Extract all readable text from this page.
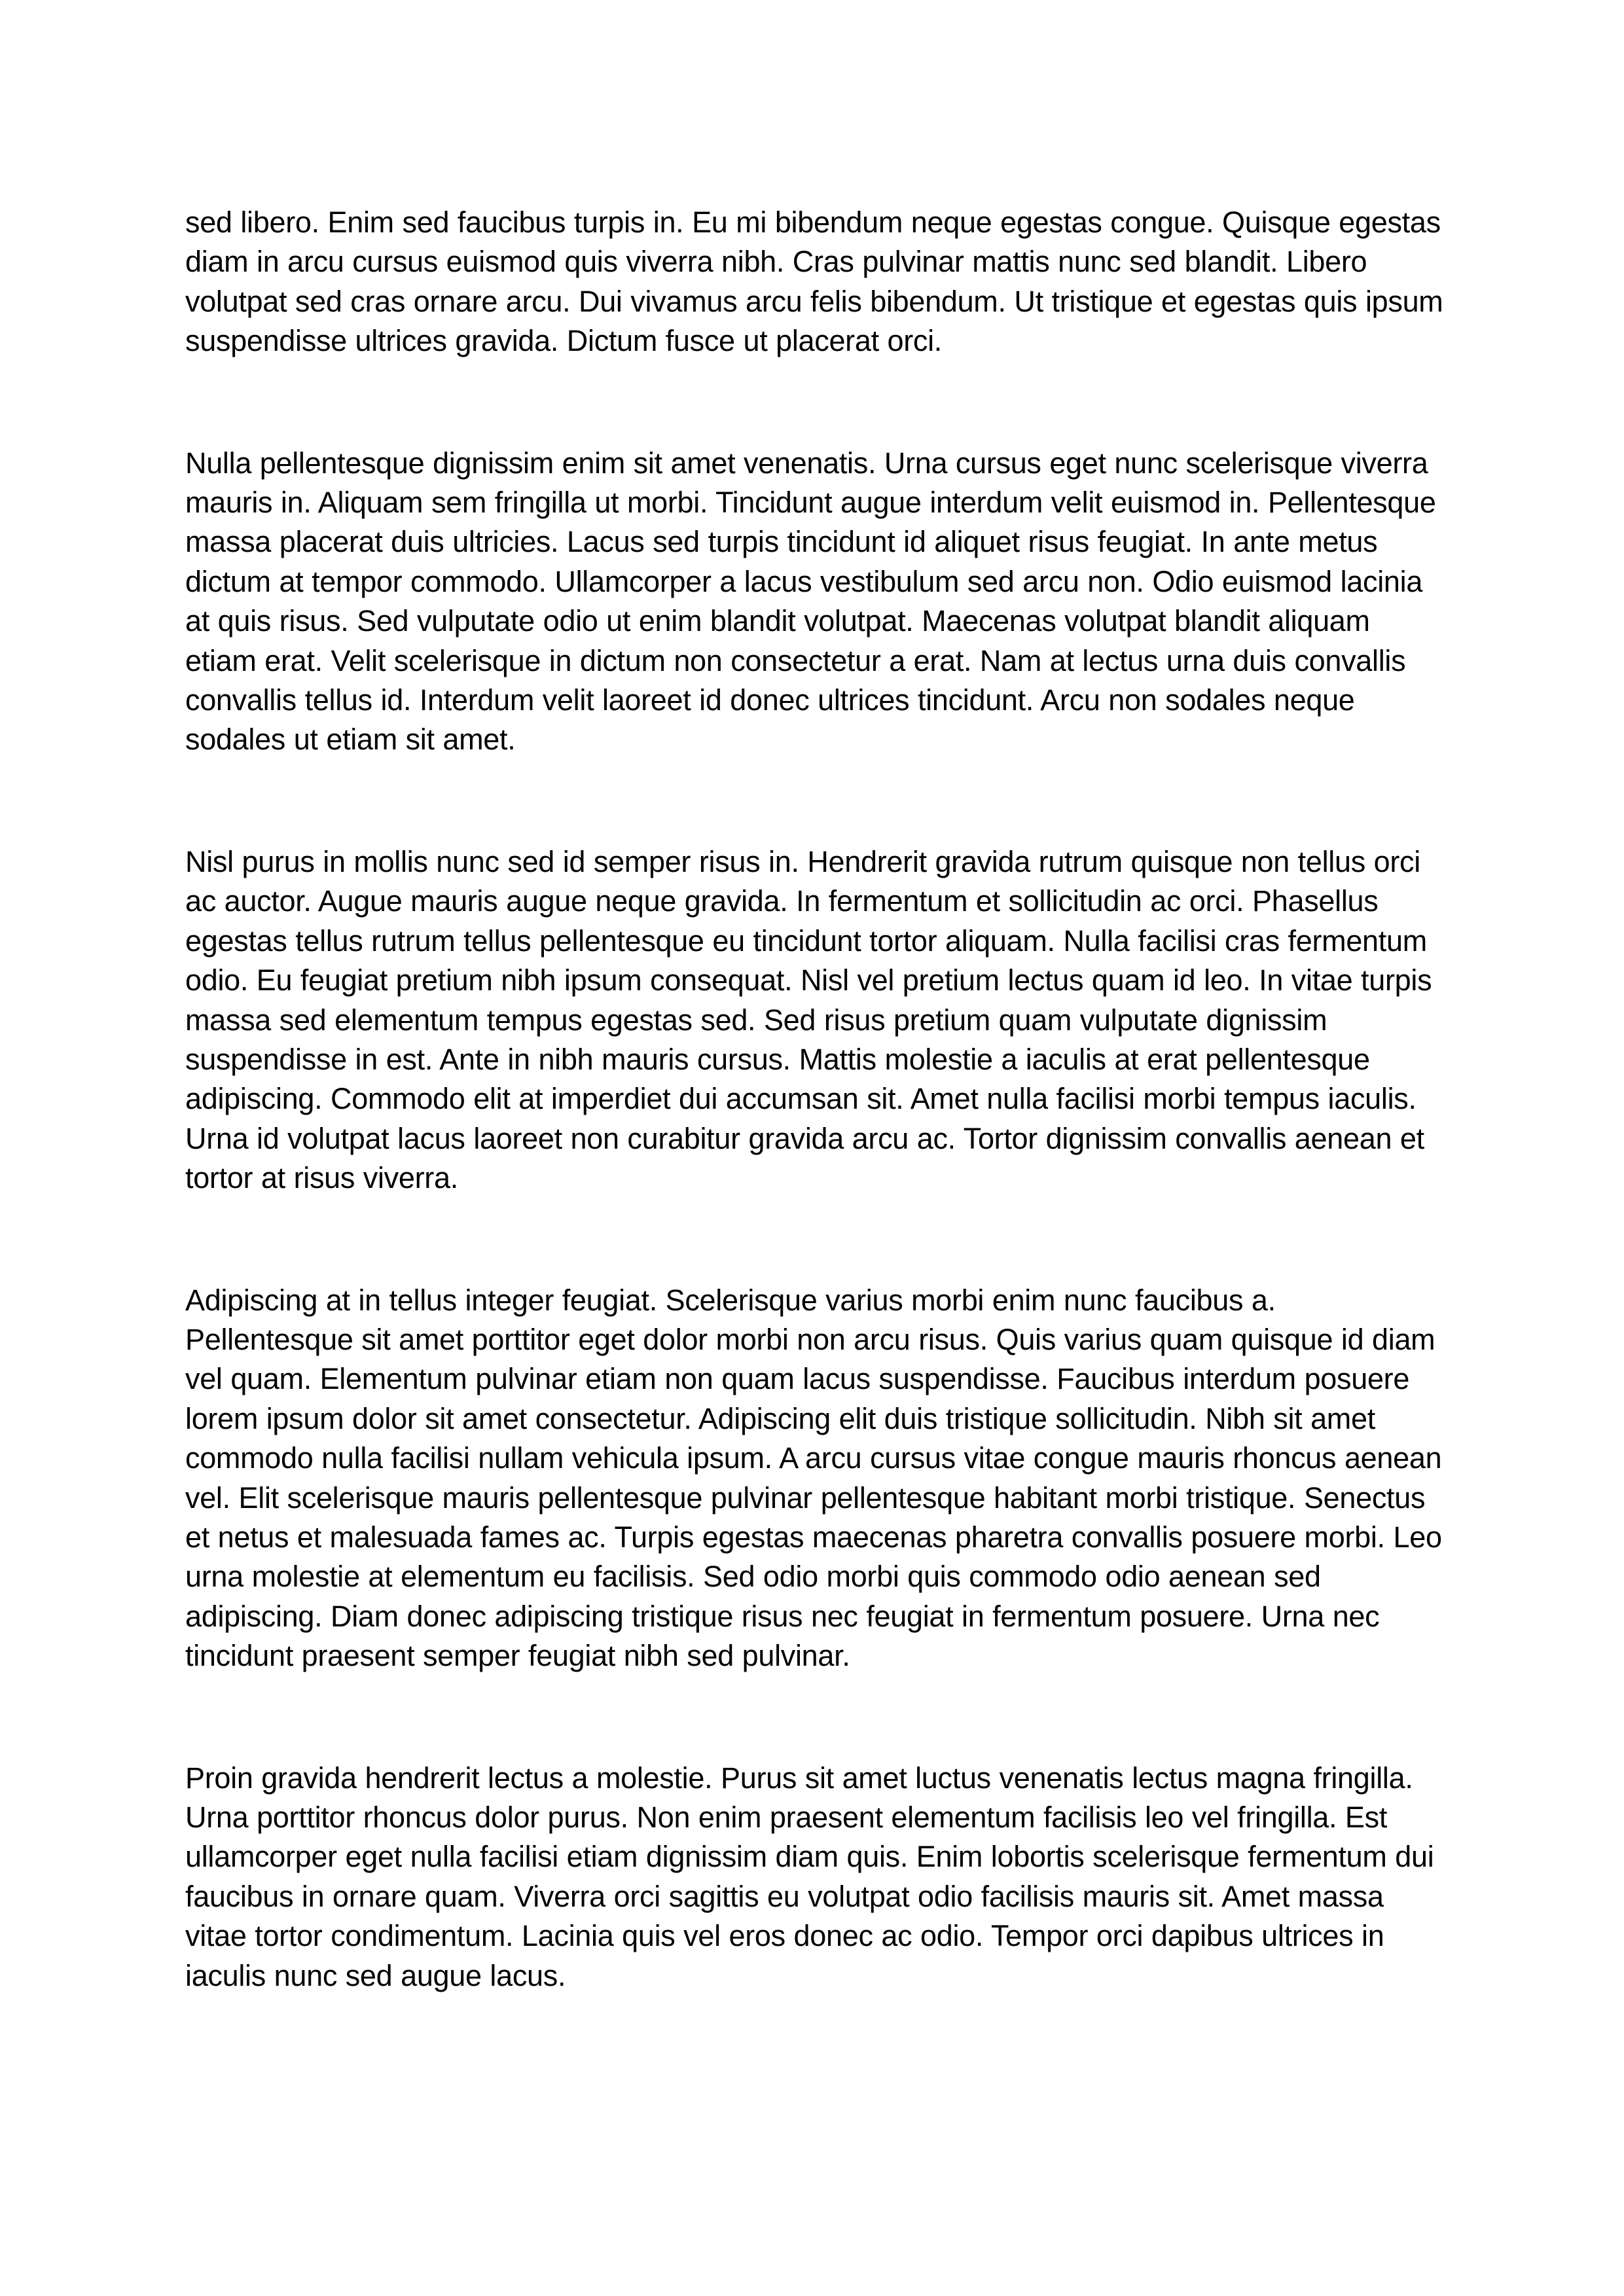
sed libero. Enim sed faucibus turpis in. Eu mi bibendum neque egestas congue. Quisque egestas diam in arcu cursus euismod quis viverra nibh. Cras pulvinar mattis nunc sed blandit. Libero volutpat sed cras ornare arcu. Dui vivamus arcu felis bibendum. Ut tristique et egestas quis ipsum suspendisse ultrices gravida. Dictum fusce ut placerat orci.

Nulla pellentesque dignissim enim sit amet venenatis. Urna cursus eget nunc scelerisque viverra mauris in. Aliquam sem fringilla ut morbi. Tincidunt augue interdum velit euismod in. Pellentesque massa placerat duis ultricies. Lacus sed turpis tincidunt id aliquet risus feugiat. In ante metus dictum at tempor commodo. Ullamcorper a lacus vestibulum sed arcu non. Odio euismod lacinia at quis risus. Sed vulputate odio ut enim blandit volutpat. Maecenas volutpat blandit aliquam etiam erat. Velit scelerisque in dictum non consectetur a erat. Nam at lectus urna duis convallis convallis tellus id. Interdum velit laoreet id donec ultrices tincidunt. Arcu non sodales neque sodales ut etiam sit amet.

Nisl purus in mollis nunc sed id semper risus in. Hendrerit gravida rutrum quisque non tellus orci ac auctor. Augue mauris augue neque gravida. In fermentum et sollicitudin ac orci. Phasellus egestas tellus rutrum tellus pellentesque eu tincidunt tortor aliquam. Nulla facilisi cras fermentum odio. Eu feugiat pretium nibh ipsum consequat. Nisl vel pretium lectus quam id leo. In vitae turpis massa sed elementum tempus egestas sed. Sed risus pretium quam vulputate dignissim suspendisse in est. Ante in nibh mauris cursus. Mattis molestie a iaculis at erat pellentesque adipiscing. Commodo elit at imperdiet dui accumsan sit. Amet nulla facilisi morbi tempus iaculis. Urna id volutpat lacus laoreet non curabitur gravida arcu ac. Tortor dignissim convallis aenean et tortor at risus viverra.

Adipiscing at in tellus integer feugiat. Scelerisque varius morbi enim nunc faucibus a. Pellentesque sit amet porttitor eget dolor morbi non arcu risus. Quis varius quam quisque id diam vel quam. Elementum pulvinar etiam non quam lacus suspendisse. Faucibus interdum posuere lorem ipsum dolor sit amet consectetur. Adipiscing elit duis tristique sollicitudin. Nibh sit amet commodo nulla facilisi nullam vehicula ipsum. A arcu cursus vitae congue mauris rhoncus aenean vel. Elit scelerisque mauris pellentesque pulvinar pellentesque habitant morbi tristique. Senectus et netus et malesuada fames ac. Turpis egestas maecenas pharetra convallis posuere morbi. Leo urna molestie at elementum eu facilisis. Sed odio morbi quis commodo odio aenean sed adipiscing. Diam donec adipiscing tristique risus nec feugiat in fermentum posuere. Urna nec tincidunt praesent semper feugiat nibh sed pulvinar.

Proin gravida hendrerit lectus a molestie. Purus sit amet luctus venenatis lectus magna fringilla. Urna porttitor rhoncus dolor purus. Non enim praesent elementum facilisis leo vel fringilla. Est ullamcorper eget nulla facilisi etiam dignissim diam quis. Enim lobortis scelerisque fermentum dui faucibus in ornare quam. Viverra orci sagittis eu volutpat odio facilisis mauris sit. Amet massa vitae tortor condimentum. Lacinia quis vel eros donec ac odio. Tempor orci dapibus ultrices in iaculis nunc sed augue lacus.
